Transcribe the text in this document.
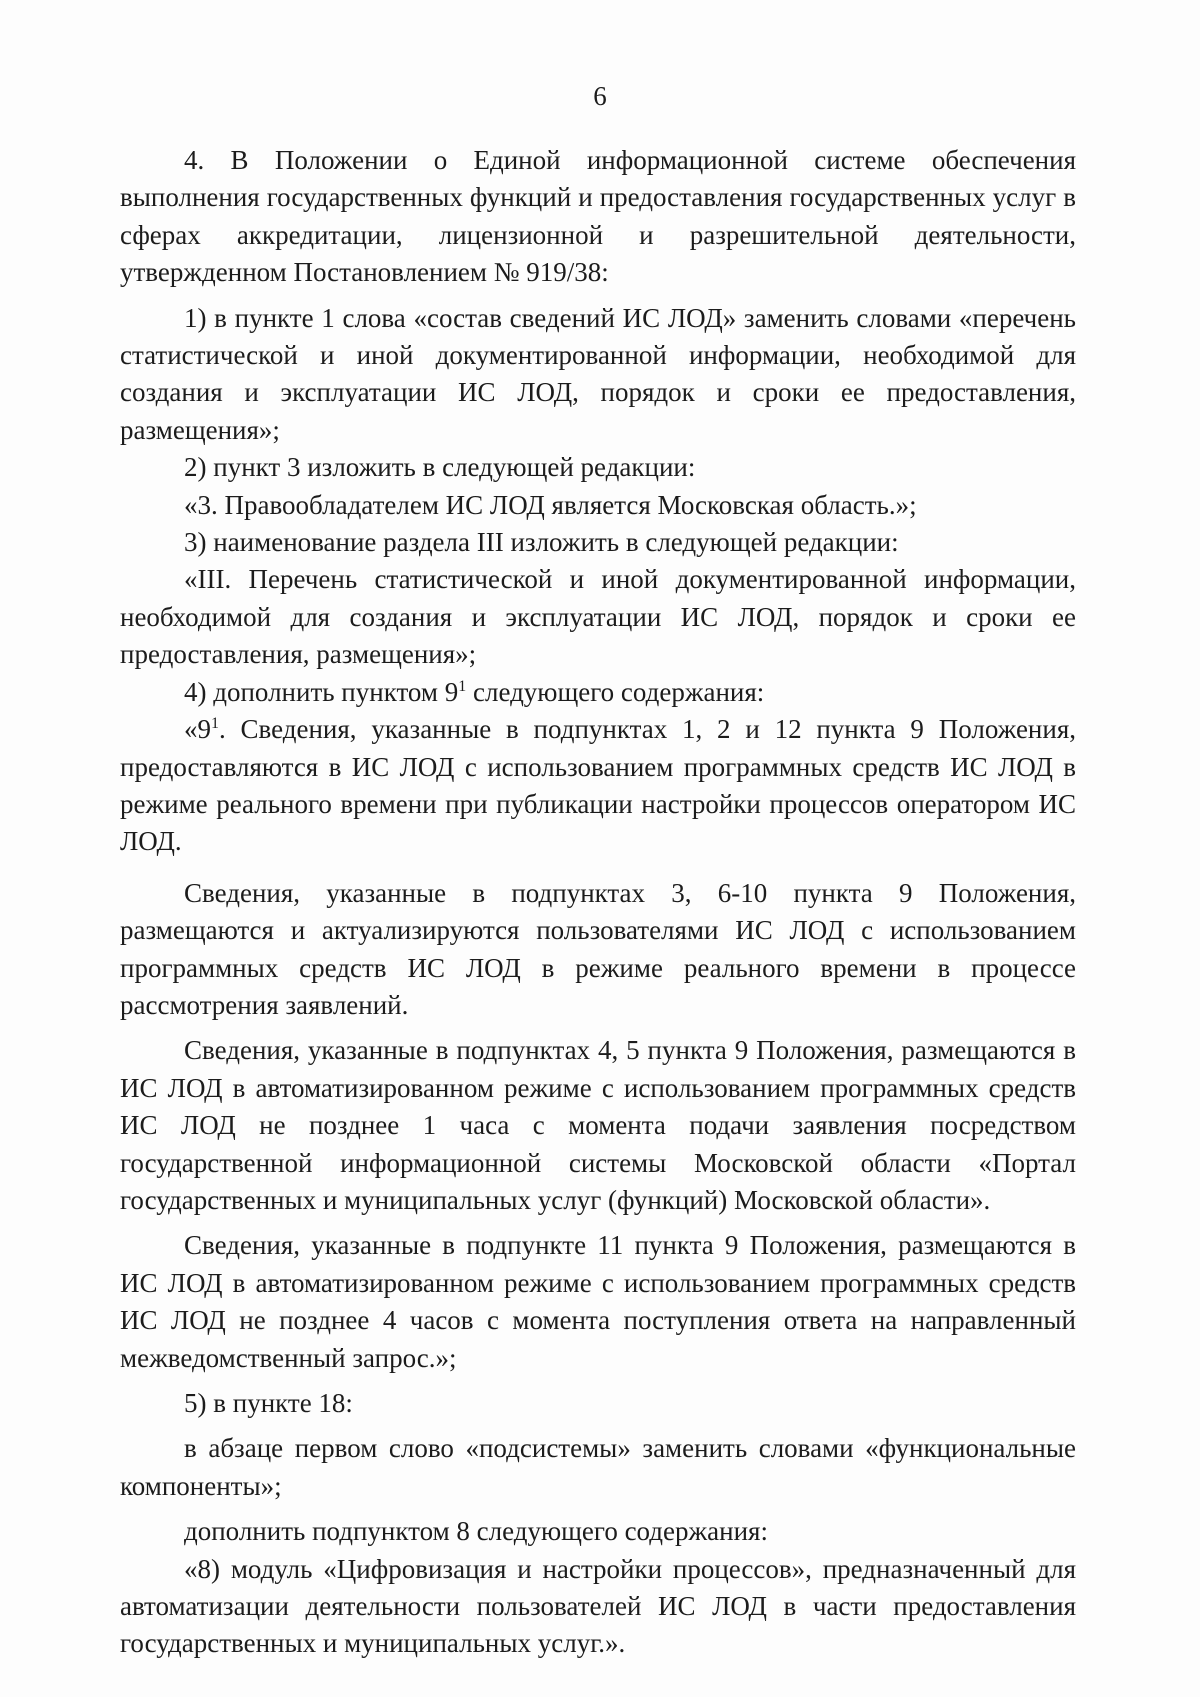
6

4. В Положении о Единой информационной системе обеспечения выполнения государственных функций и предоставления государственных услуг в сферах аккредитации, лицензионной и разрешительной деятельности, утвержденном Постановлением № 919/38:

1) в пункте 1 слова «состав сведений ИС ЛОД» заменить словами «перечень статистической и иной документированной информации, необходимой для создания и эксплуатации ИС ЛОД, порядок и сроки ее предоставления, размещения»;

2) пункт 3 изложить в следующей редакции:

«3. Правообладателем ИС ЛОД является Московская область.»;

3) наименование раздела III изложить в следующей редакции:

«III. Перечень статистической и иной документированной информации, необходимой для создания и эксплуатации ИС ЛОД, порядок и сроки ее предоставления, размещения»;

4) дополнить пунктом $9^1$ следующего содержания:

«$9^1$. Сведения, указанные в подпунктах 1, 2 и 12 пункта 9 Положения, предоставляются в ИС ЛОД с использованием программных средств ИС ЛОД в режиме реального времени при публикации настройки процессов оператором ИС ЛОД.

Сведения, указанные в подпунктах 3, 6-10 пункта 9 Положения, размещаются и актуализируются пользователями ИС ЛОД с использованием программных средств ИС ЛОД в режиме реального времени в процессе рассмотрения заявлений.

Сведения, указанные в подпунктах 4, 5 пункта 9 Положения, размещаются в ИС ЛОД в автоматизированном режиме с использованием программных средств ИС ЛОД не позднее 1 часа с момента подачи заявления посредством государственной информационной системы Московской области «Портал государственных и муниципальных услуг (функций) Московской области».

Сведения, указанные в подпункте 11 пункта 9 Положения, размещаются в ИС ЛОД в автоматизированном режиме с использованием программных средств ИС ЛОД не позднее 4 часов с момента поступления ответа на направленный межведомственный запрос.»;

5) в пункте 18:

в абзаце первом слово «подсистемы» заменить словами «функциональные компоненты»;

дополнить подпунктом 8 следующего содержания:

«8) модуль «Цифровизация и настройки процессов», предназначенный для автоматизации деятельности пользователей ИС ЛОД в части предоставления государственных и муниципальных услуг.».
